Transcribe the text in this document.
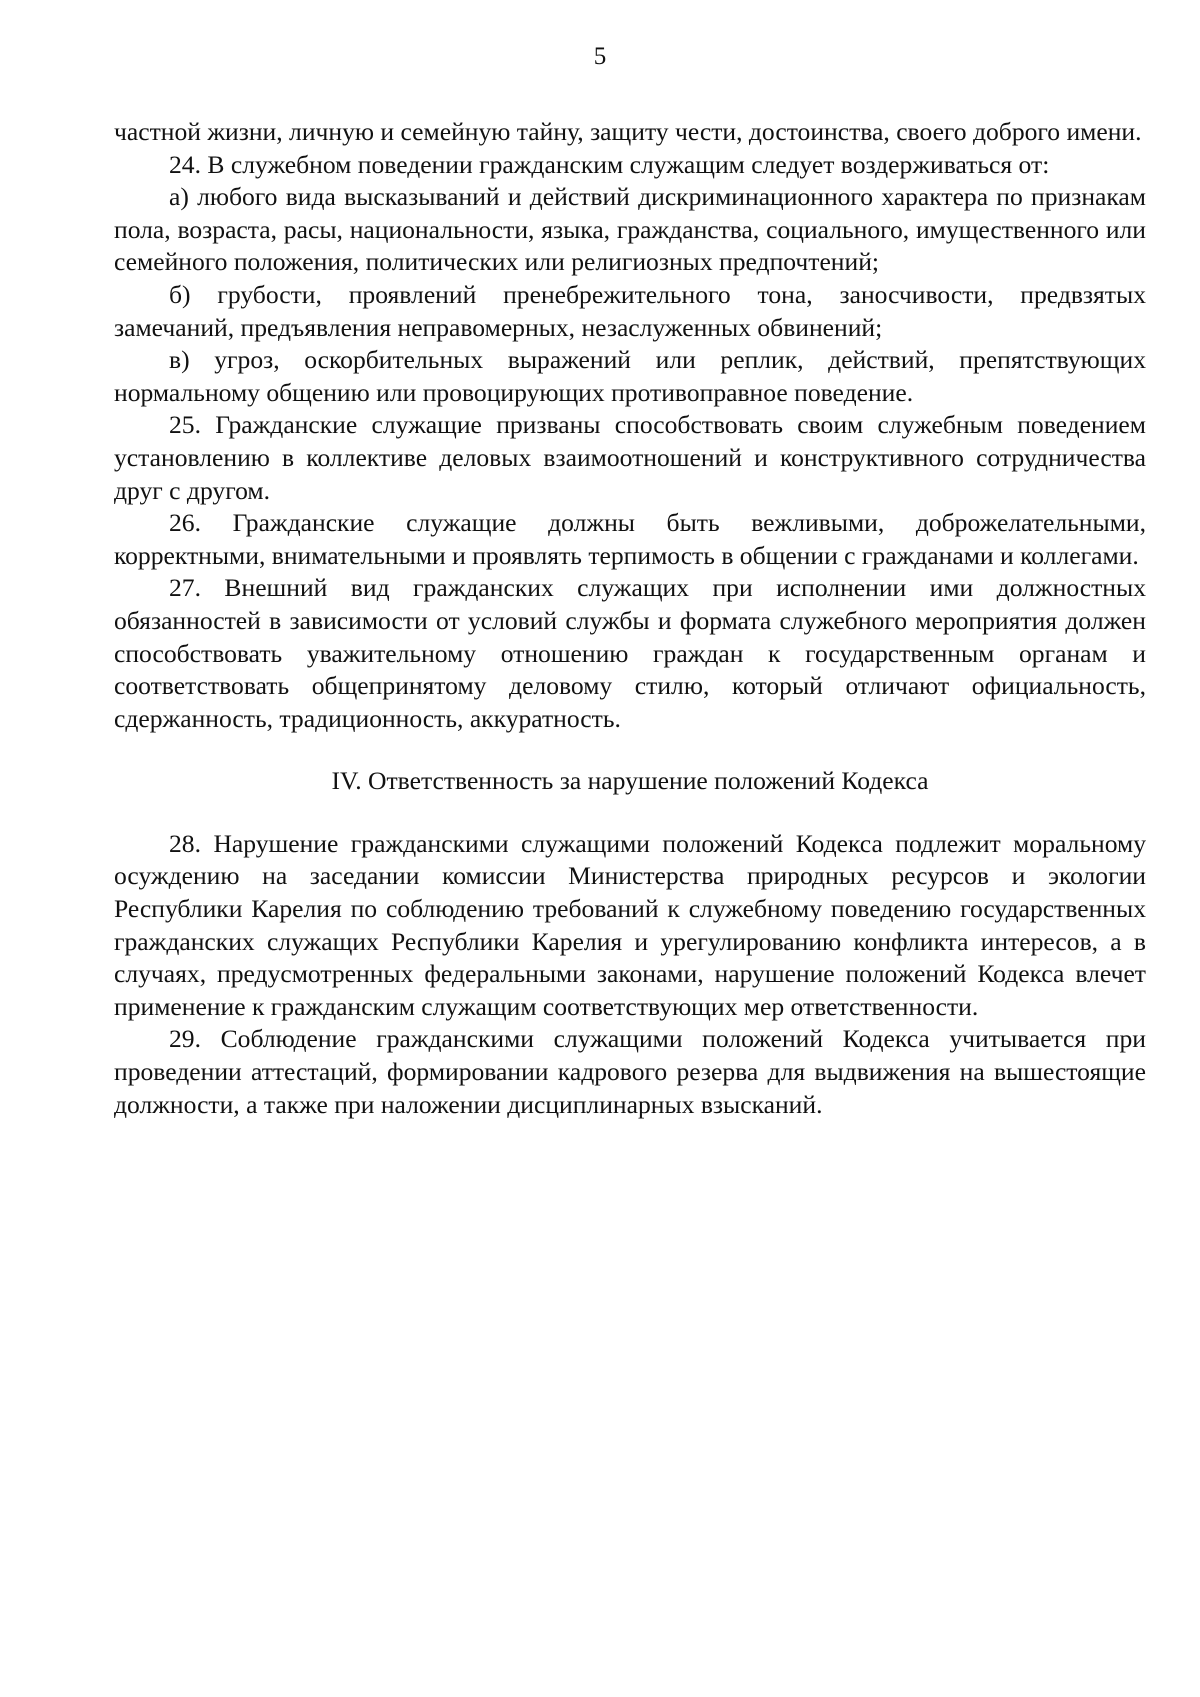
5

частной жизни, личную и семейную тайну, защиту чести, достоинства, своего доброго имени.

24. В служебном поведении гражданским служащим следует воздерживаться от:

а) любого вида высказываний и действий дискриминационного характера по признакам пола, возраста, расы, национальности, языка, гражданства, социального, имущественного или семейного положения, политических или религиозных предпочтений;

б) грубости, проявлений пренебрежительного тона, заносчивости, предвзятых замечаний, предъявления неправомерных, незаслуженных обвинений;

в) угроз, оскорбительных выражений или реплик, действий, препятствующих нормальному общению или провоцирующих противоправное поведение.

25. Гражданские служащие призваны способствовать своим служебным поведением установлению в коллективе деловых взаимоотношений и конструктивного сотрудничества друг с другом.

26. Гражданские служащие должны быть вежливыми, доброжелательными, корректными, внимательными и проявлять терпимость в общении с гражданами и коллегами.

27. Внешний вид гражданских служащих при исполнении ими должностных обязанностей в зависимости от условий службы и формата служебного мероприятия должен способствовать уважительному отношению граждан к государственным органам и соответствовать общепринятому деловому стилю, который отличают официальность, сдержанность, традиционность, аккуратность.

IV. Ответственность за нарушение положений Кодекса

28. Нарушение гражданскими служащими положений Кодекса подлежит моральному осуждению на заседании комиссии Министерства природных ресурсов и экологии Республики Карелия по соблюдению требований к служебному поведению государственных гражданских служащих Республики Карелия и урегулированию конфликта интересов, а в случаях, предусмотренных федеральными законами, нарушение положений Кодекса влечет применение к гражданским служащим соответствующих мер ответственности.

29. Соблюдение гражданскими служащими положений Кодекса учитывается при проведении аттестаций, формировании кадрового резерва для выдвижения на вышестоящие должности, а также при наложении дисциплинарных взысканий.
